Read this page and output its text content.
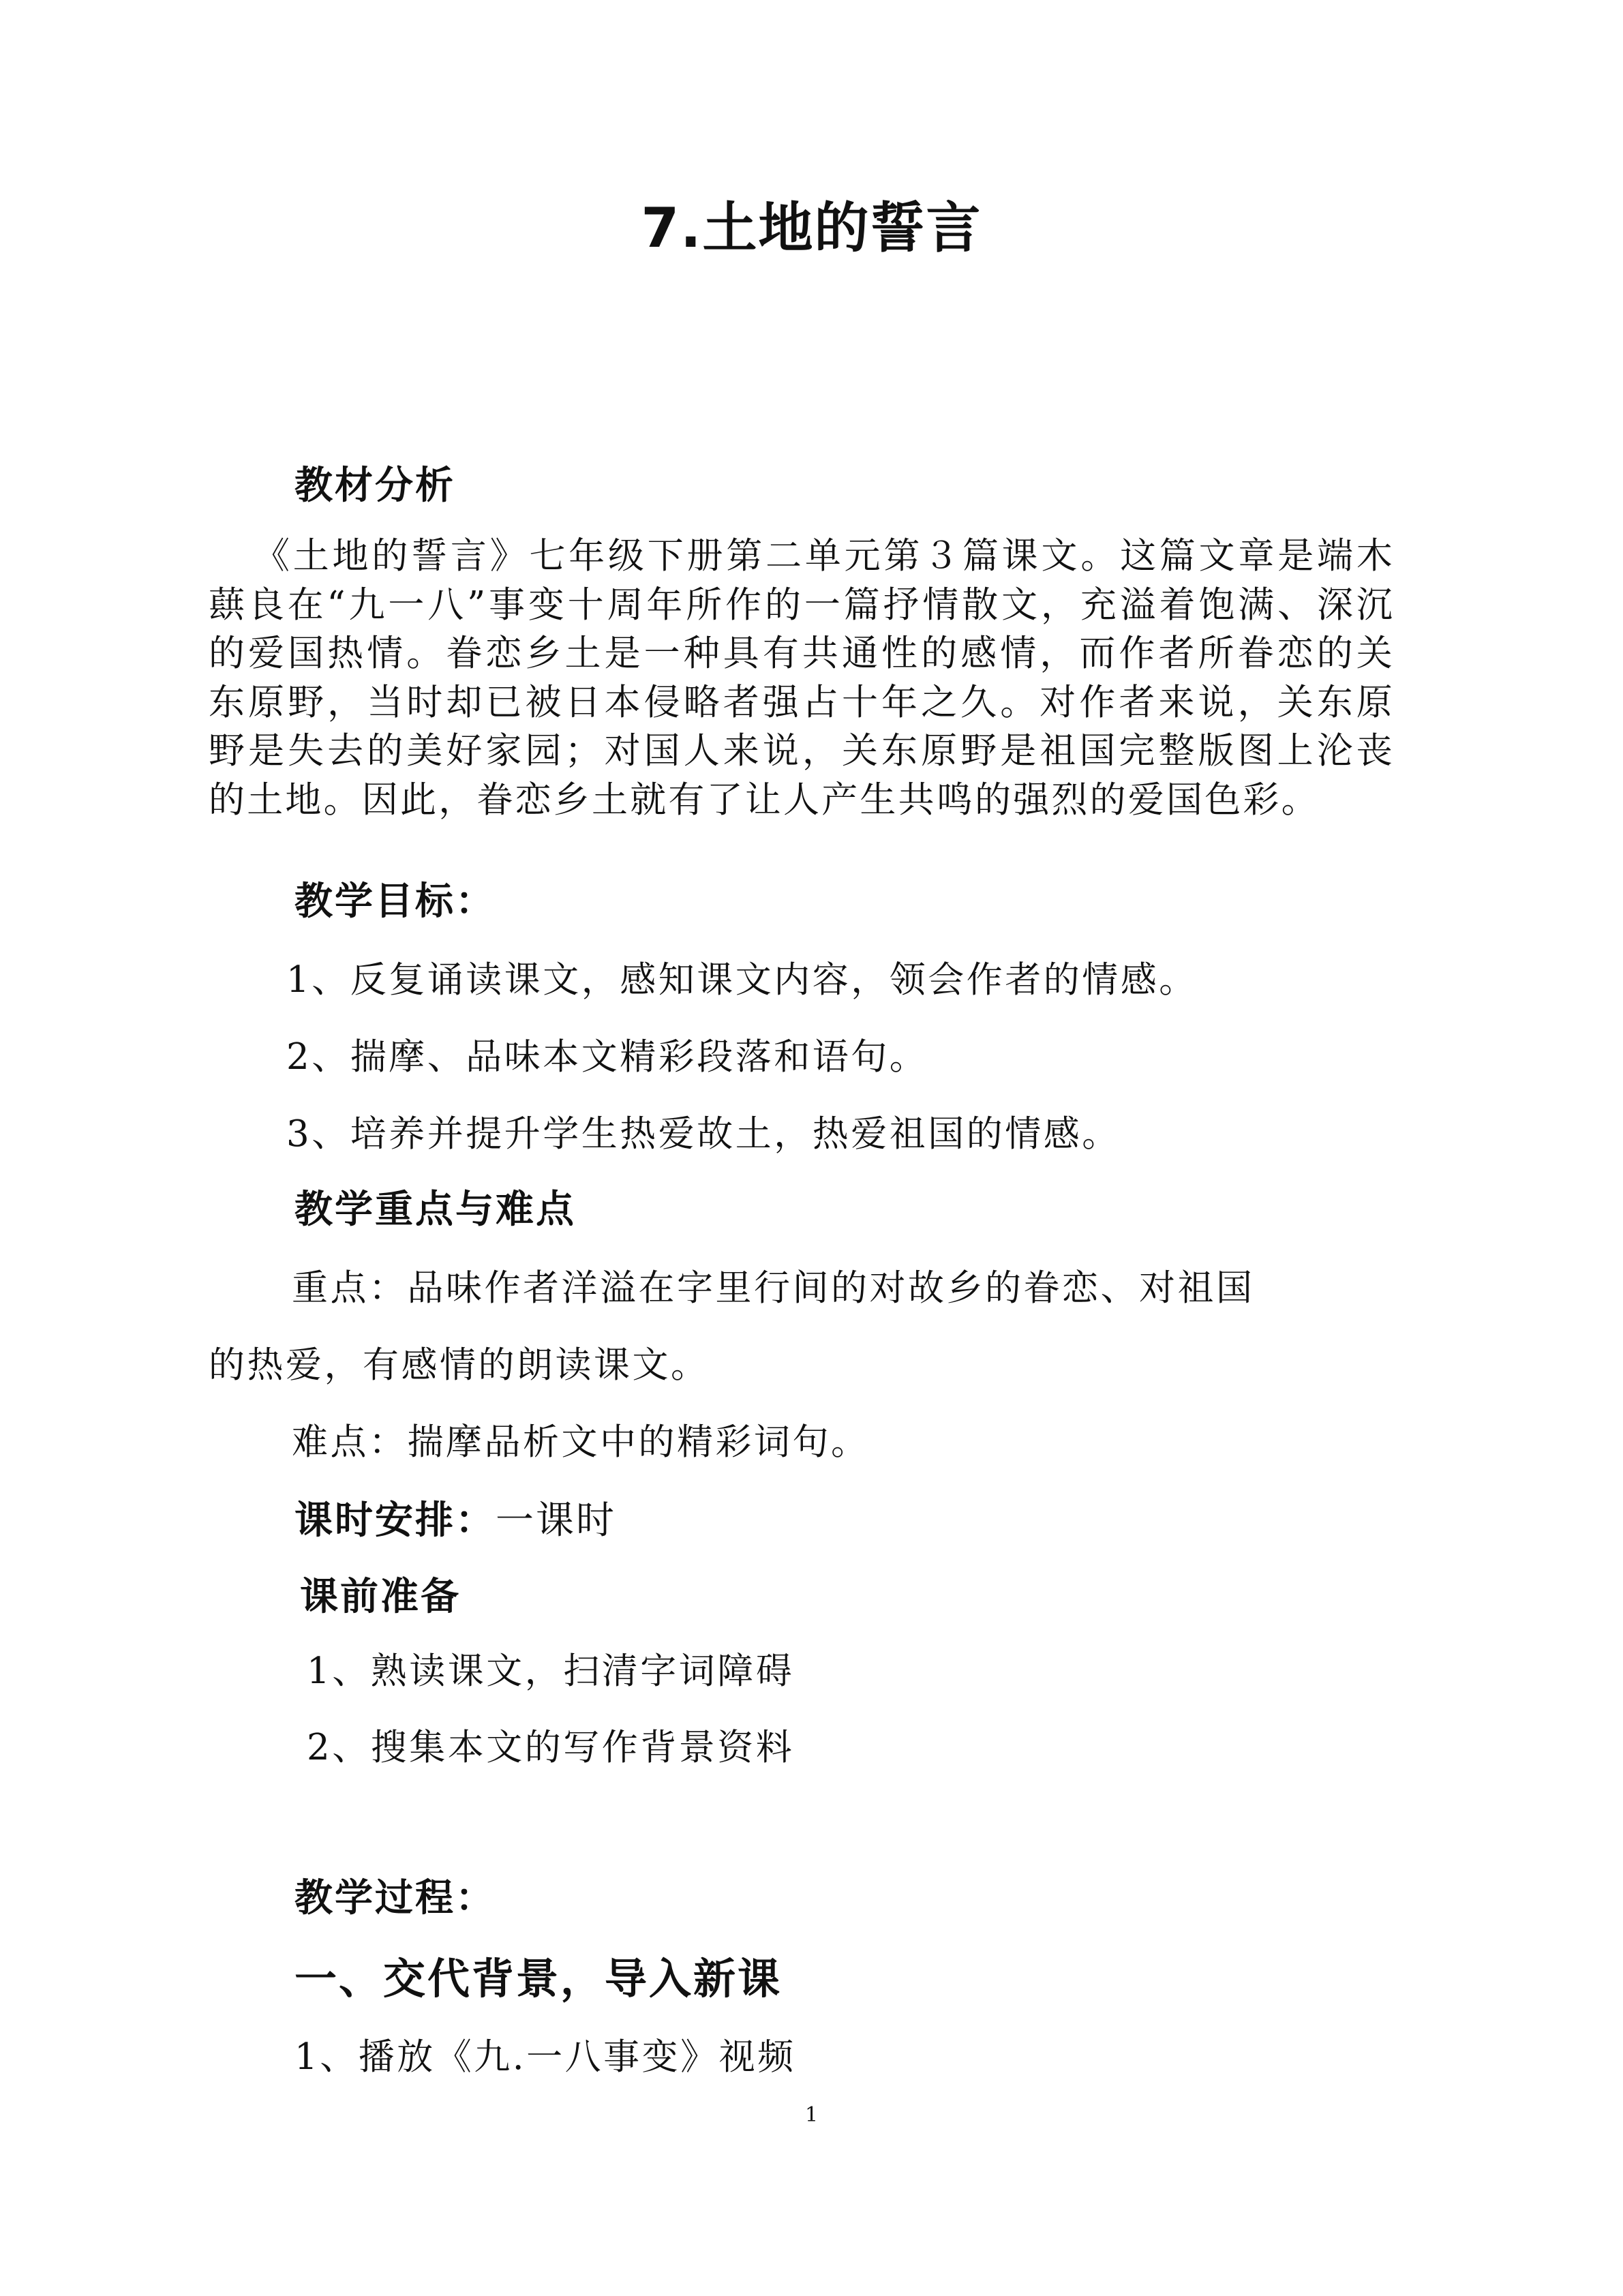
7.土地的誓言
教材分析
《土地的誓言》七年级下册第二单元第３篇课文。这篇文章是端木蕻良在“九一八”事变十周年所作的一篇抒情散文，充溢着饱满、深沉的爱国热情。眷恋乡土是一种具有共通性的感情，而作者所眷恋的关东原野，当时却已被日本侵略者强占十年之久。对作者来说，关东原野是失去的美好家园；对国人来说，关东原野是祖国完整版图上沦丧的土地。因此，眷恋乡土就有了让人产生共鸣的强烈的爱国色彩。
教学目标：
1、反复诵读课文，感知课文内容，领会作者的情感。
2、揣摩、品味本文精彩段落和语句。
3、培养并提升学生热爱故土，热爱祖国的情感。
教学重点与难点
重点：品味作者洋溢在字里行间的对故乡的眷恋、对祖国
的热爱，有感情的朗读课文。
难点：揣摩品析文中的精彩词句。
课时安排：一课时
课前准备
1、熟读课文，扫清字词障碍
2、搜集本文的写作背景资料
教学过程：
一、交代背景，导入新课
1、播放《九.一八事变》视频
1
